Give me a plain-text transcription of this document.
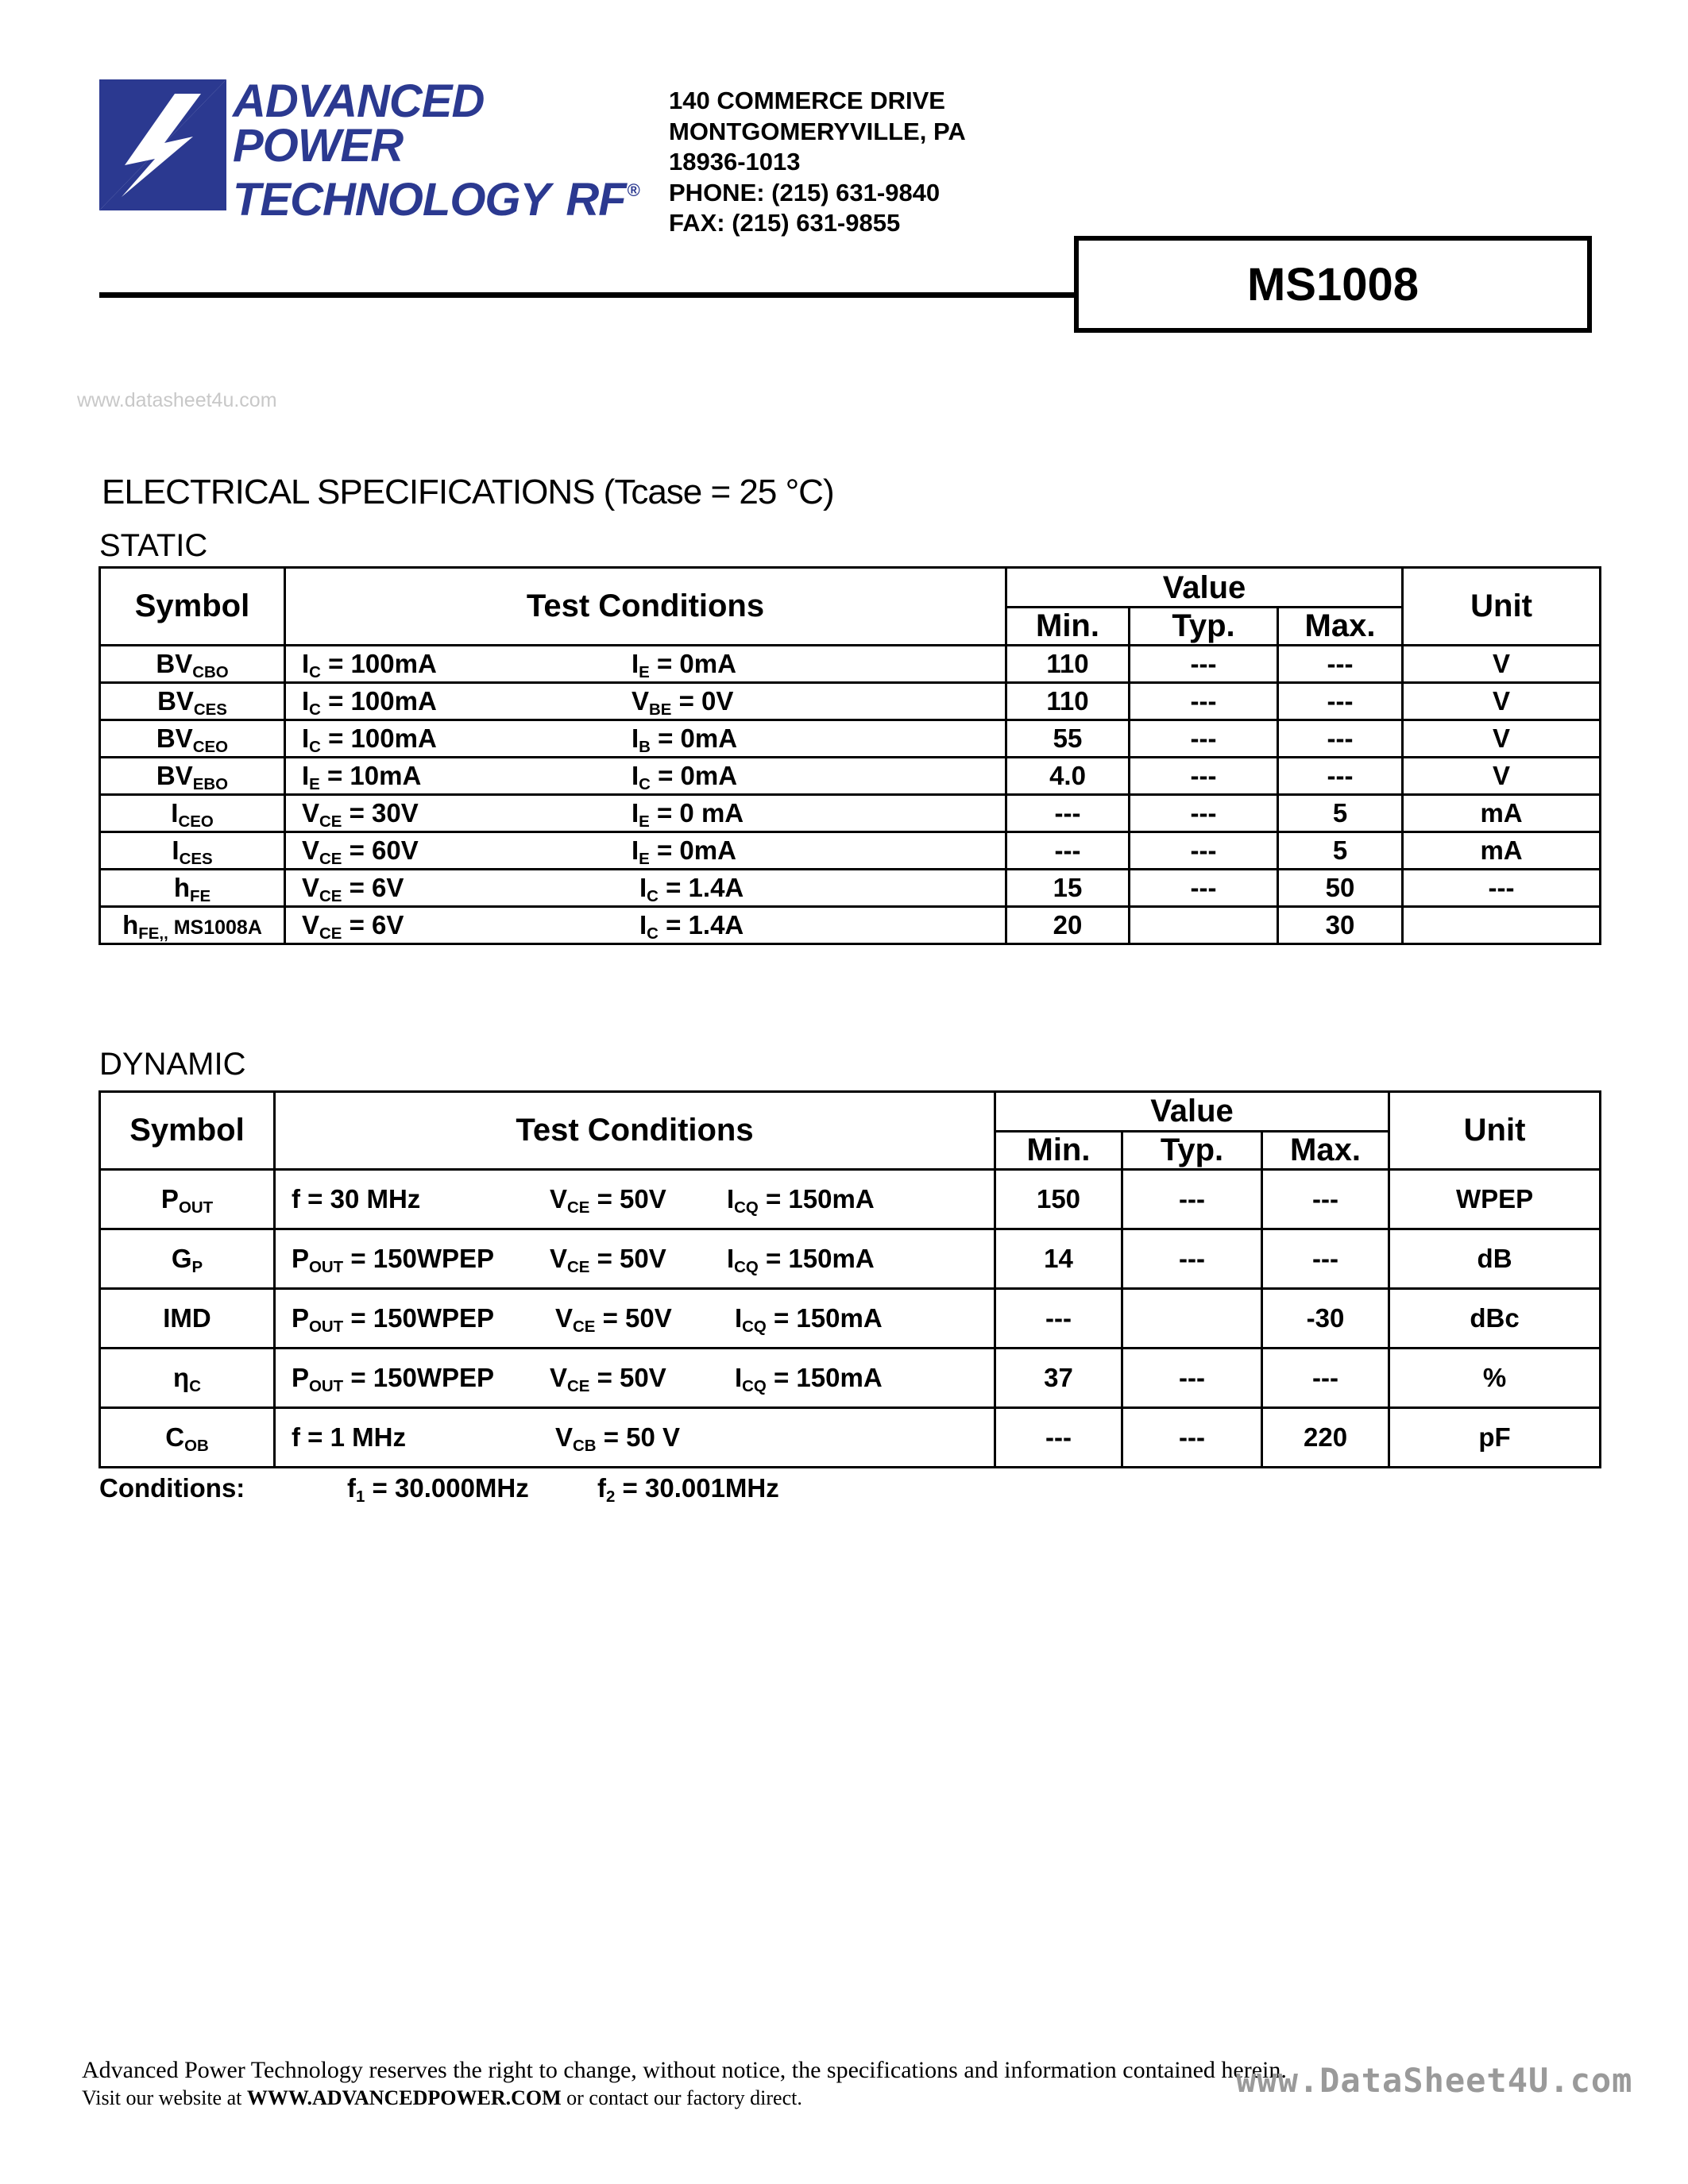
ADVANCED
POWER
TECHNOLOGY RF®
140 COMMERCE DRIVE
MONTGOMERYVILLE, PA
18936-1013
PHONE: (215) 631-9840
FAX: (215) 631-9855
MS1008
www.datasheet4u.com
ELECTRICAL SPECIFICATIONS (Tcase = 25 °C)
STATIC
Symbol	Test Conditions	Value			Unit
		Min.	Typ.	Max.	
$BV_{CBO}$	$I_C = 100mA$ $I_E = 0mA$	110	---	---	V
$BV_{CES}$	$I_C = 100mA$ $V_{BE} = 0V$	110	---	---	V
$BV_{CEO}$	$I_C = 100mA$ $I_B = 0mA$	55	---	---	V
$BV_{EBO}$	$I_E = 10mA$ $I_C = 0mA$	4.0	---	---	V
$I_{CEO}$	$V_{CE} = 30V$ $I_E = 0$ mA	---	---	5	mA
$I_{CES}$	$V_{CE} = 60V$ $I_E = 0mA$	---	---	5	mA
$h_{FE}$	$V_{CE} = 6V$ $I_C = 1.4A$	15	---	50	---
$h_{FE,,}$ MS1008A	$V_{CE} = 6V$ $I_C = 1.4A$	20		30	
DYNAMIC
Symbol	Test Conditions	Value			Unit
		Min.	Typ.	Max.	
$P_{OUT}$	f = 30 MHz $V_{CE} = 50V$ $I_{CQ} = 150mA$	150	---	---	WPEP
$G_P$	$P_{OUT}$ = 150WPEP $V_{CE} = 50V$ $I_{CQ} = 150mA$	14	---	---	dB
IMD	$P_{OUT}$ = 150WPEP $V_{CE} = 50V$ $I_{CQ} = 150mA$	---		-30	dBc
$\eta_C$	$P_{OUT}$ = 150WPEP $V_{CE} = 50V$ $I_{CQ} = 150mA$	37	---	---	%
$C_{OB}$	f = 1 MHz $V_{CB} = 50$ V	---	---	220	pF
Conditions:	$f_1 = 30.000MHz$	$f_2 = 30.001MHz$
Advanced Power Technology reserves the right to change, without notice, the specifications and information contained herein.
Visit our website at WWW.ADVANCEDPOWER.COM or contact our factory direct.	www.DataSheet4U.com
